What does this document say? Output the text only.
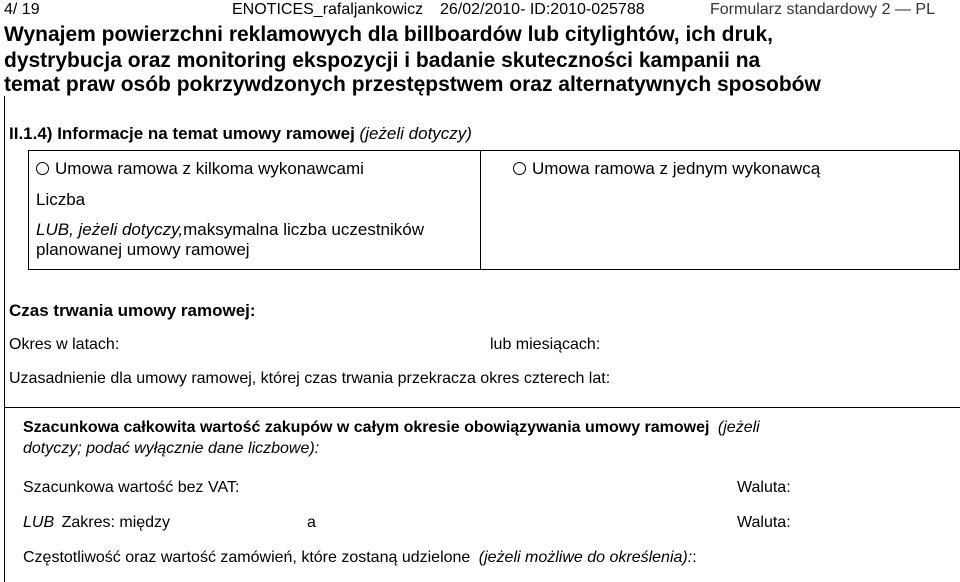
4/ 19	ENOTICES_rafaljankowicz 26/02/2010- ID:2010-025788	Formularz standardowy 2 — PL
Wynajem powierzchni reklamowych dla billboardów lub citylightów, ich druk,
dystrybucja oraz monitoring ekspozycji i badanie skuteczności kampanii na
temat praw osób pokrzywdzonych przestępstwem oraz alternatywnych sposobów
II.1.4) Informacje na temat umowy ramowej (jeżeli dotyczy)
Umowa ramowa z kilkoma wykonawcami
Liczba
LUB, jeżeli dotyczy,maksymalna liczba uczestników
planowanej umowy ramowej
Umowa ramowa z jednym wykonawcą
Czas trwania umowy ramowej:
Okres w latach:	lub miesiącach:
Uzasadnienie dla umowy ramowej, której czas trwania przekracza okres czterech lat:
Szacunkowa całkowita wartość zakupów w całym okresie obowiązywania umowy ramowej (jeżeli
dotyczy; podać wyłącznie dane liczbowe):
Szacunkowa wartość bez VAT:	Waluta:
LUB Zakres: między	a	Waluta:
Częstotliwość oraz wartość zamówień, które zostaną udzielone (jeżeli możliwe do określenia)::
